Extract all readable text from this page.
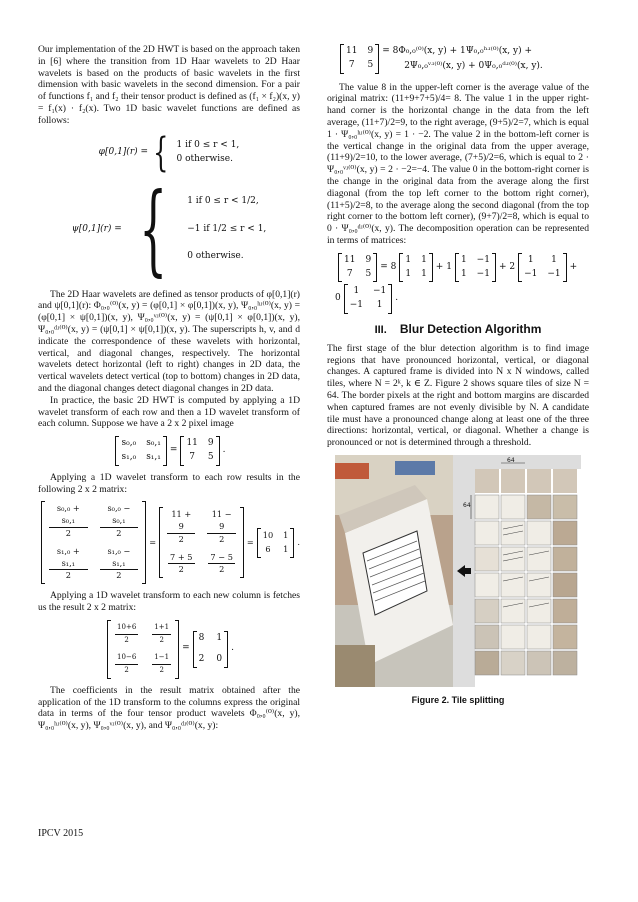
Our implementation of the 2D HWT is based on the approach taken in [6] where the transition from 1D Haar wavelets to 2D Haar wavelets is based on the products of basic wavelets in the first dimension with basic wavelets in the second dimension. For a pair of functions f₁ and f₂ their tensor product is defined as (f₁ × f₂)(x, y) = f₁(x) · f₂(x). Two 1D basic wavelet functions are defined as follows:

φ[0,1](r) = { 1 if 0 ≤ r < 1,
0 otherwise.
ψ[0,1](r) = { 1 if 0 ≤ r < 1/2,
−1 if 1/2 ≤ r < 1,
0 otherwise.

The 2D Haar wavelets are defined as tensor products of φ[0,1](r) and ψ[0,1](r): Φ₀,₀⁽⁰⁾(x, y) = (φ[0,1] × φ[0,1])(x, y), Ψ₀,₀ʰʴ⁽⁰⁾(x, y) = (φ[0,1] × ψ[0,1])(x, y), Ψ₀,₀ᵛʴ⁽⁰⁾(x, y) = (ψ[0,1] × φ[0,1])(x, y), Ψ₀,₀ᵈʴ⁽⁰⁾(x, y) = (ψ[0,1] × ψ[0,1])(x, y). The superscripts h, v, and d indicate the correspondence of these wavelets with horizontal, vertical, and diagonal changes, respectively. The horizontal wavelets detect horizontal (left to right) changes in 2D data, the vertical wavelets detect vertical (top to bottom) changes in 2D data, and the diagonal changes detect diagonal changes in 2D data.

In practice, the basic 2D HWT is computed by applying a 1D wavelet transform of each row and then a 1D wavelet transform of each column. Suppose we have a 2 x 2 pixel image

s₀,₀ s₀,₁
s₁,₀ s₁,₁
=
11 9
7	5
.

Applying a 1D wavelet transform to each row results in the following 2 x 2 matrix:

$\frac{\text{s₀,₀ + s₀,₁}}{2} \frac{\text{s₀,₀ − s₀,₁}}{2}$
$\frac{\text{s₁,₀ + s₁,₁}}{2} \frac{\text{s₁,₀ − s₁,₁}}{2}$
= $\frac{11 + 9}{2} \frac{11 - 9}{2}$
$\frac{7 + 5}{2} \frac{7 - 5}{2}$
=
10 1
6	1
.

Applying a 1D wavelet transform to each new column is fetches us the result 2 x 2 matrix:

$\frac{10+6}{2} \frac{1+1}{2}$
$\frac{10-6}{2} \frac{1-1}{2}$
=
8 1
2 0
.

The coefficients in the result matrix obtained after the application of the 1D transform to the columns express the original data in terms of the four tensor product wavelets Φ₀,₀⁽⁰⁾(x, y), Ψ₀,₀ʰʴ⁽⁰⁾(x, y), Ψ₀,₀ᵛʴ⁽⁰⁾(x, y), and Ψ₀,₀ᵈʴ⁽⁰⁾(x, y):

11 9
7	5
= 8Φ₀,₀⁽⁰⁾(x, y) + 1Ψ₀,₀ʰʴ⁽⁰⁾(x, y) +
2Ψ₀,₀ᵛʴ⁽⁰⁾(x, y) + 0Ψ₀,₀ᵈʴ⁽⁰⁾(x, y).

The value 8 in the upper-left corner is the average value of the original matrix: (11+9+7+5)/4= 8. The value 1 in the upper right-hand corner is the horizontal change in the data from the left average, (11+7)/2=9, to the right average, (9+5)/2=7, which is equal 1 · Ψ₀,₀ʰʴ⁽⁰⁾(x, y) = 1 · −2. The value 2 in the bottom-left corner is the vertical change in the original data from the upper average, (11+9)/2=10, to the lower average, (7+5)/2=6, which is equal to 2 · Ψ₀,₀ᵛʴ⁽⁰⁾(x, y) = 2 · −2=−4. The value 0 in the bottom-right corner is the change in the original data from the average along the first diagonal (from the top left corner to the bottom right corner), (11+5)/2=8, to the average along the second diagonal (from the top right corner to the bottom left corner), (9+7)/2=8, which is equal to 0 · Ψ₀,₀ᵈʴ⁽⁰⁾(x, y). The decomposition operation can be represented in terms of matrices:

11 9
7	5
= 8
1 1
1 1
+ 1
1 −1
1 −1
+ 2
1	1
−1 −1
+
0
1	−1
−1	1
.
III. Blur Detection Algorithm

The first stage of the blur detection algorithm is to find image regions that have pronounced horizontal, vertical, or diagonal changes. A captured frame is divided into N x N windows, called tiles, where N = 2ᵏ, k ∈ Z. Figure 2 shows square tiles of size N = 64. The border pixels at the right and bottom margins are discarded when captured frames are not evenly divisible by N. A candidate tile must have a pronounced change along at least one of the three directions: horizontal, vertical, or diagonal. Whether a change is pronounced or not is determined through a threshold.

64
64
Figure 2. Tile splitting
IPCV 2015
